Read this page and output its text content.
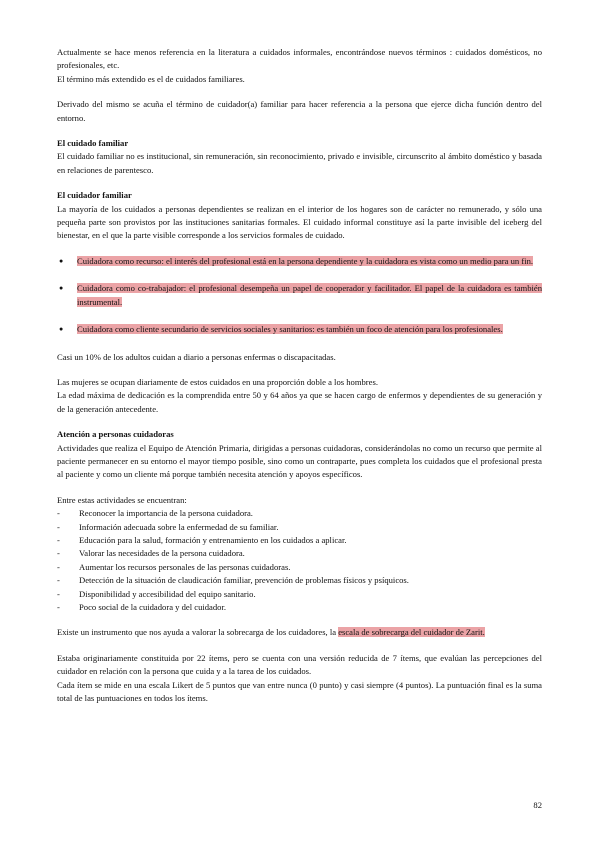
Actualmente se hace menos referencia en la literatura a cuidados informales, encontrándose nuevos términos : cuidados domésticos, no profesionales, etc.

El término más extendido es el de cuidados familiares.

Derivado del mismo se acuña el término de cuidador(a) familiar para hacer referencia a la persona que ejerce dicha función dentro del entorno.

El cuidado familiar

El cuidado familiar no es institucional, sin remuneración, sin reconocimiento, privado e invisible, circunscrito al ámbito doméstico y basada en relaciones de parentesco.

El cuidador familiar

La mayoría de los cuidados a personas dependientes se realizan en el interior de los hogares son de carácter no remunerado, y sólo una pequeña parte son provistos por las instituciones sanitarias formales. El cuidado informal constituye así la parte invisible del iceberg del bienestar, en el que la parte visible corresponde a los servicios formales de cuidado.

● Cuidadora como recurso: el interés del profesional está en la persona dependiente y la cuidadora es vista como un medio para un fin.
● Cuidadora como co-trabajador: el profesional desempeña un papel de cooperador y facilitador. El papel de la cuidadora es también instrumental.
● Cuidadora como cliente secundario de servicios sociales y sanitarios: es también un foco de atención para los profesionales.

Casi un 10% de los adultos cuidan a diario a personas enfermas o discapacitadas.

Las mujeres se ocupan diariamente de estos cuidados en una proporción doble a los hombres.

La edad máxima de dedicación es la comprendida entre 50 y 64 años ya que se hacen cargo de enfermos y dependientes de su generación y de la generación antecedente.

Atención a personas cuidadoras

Actividades que realiza el Equipo de Atención Primaria, dirigidas a personas cuidadoras, considerándolas no como un recurso que permite al paciente permanecer en su entorno el mayor tiempo posible, sino como un contraparte, pues completa los cuidados que el profesional presta al paciente y como un cliente má porque también necesita atención y apoyos específicos.

Entre estas actividades se encuentran:

- Reconocer la importancia de la persona cuidadora.
- Información adecuada sobre la enfermedad de su familiar.
- Educación para la salud, formación y entrenamiento en los cuidados a aplicar.
- Valorar las necesidades de la persona cuidadora.
- Aumentar los recursos personales de las personas cuidadoras.
- Detección de la situación de claudicación familiar, prevención de problemas físicos y psíquicos.
- Disponibilidad y accesibilidad del equipo sanitario.
- Poco social de la cuidadora y del cuidador.

Existe un instrumento que nos ayuda a valorar la sobrecarga de los cuidadores, la escala de sobrecarga del cuidador de Zarit.

Estaba originariamente constituida por 22 ítems, pero se cuenta con una versión reducida de 7 ítems, que evalúan las percepciones del cuidador en relación con la persona que cuida y a la tarea de los cuidados.

Cada ítem se mide en una escala Likert de 5 puntos que van entre nunca (0 punto) y casi siempre (4 puntos). La puntuación final es la suma total de las puntuaciones en todos los ítems.

82
